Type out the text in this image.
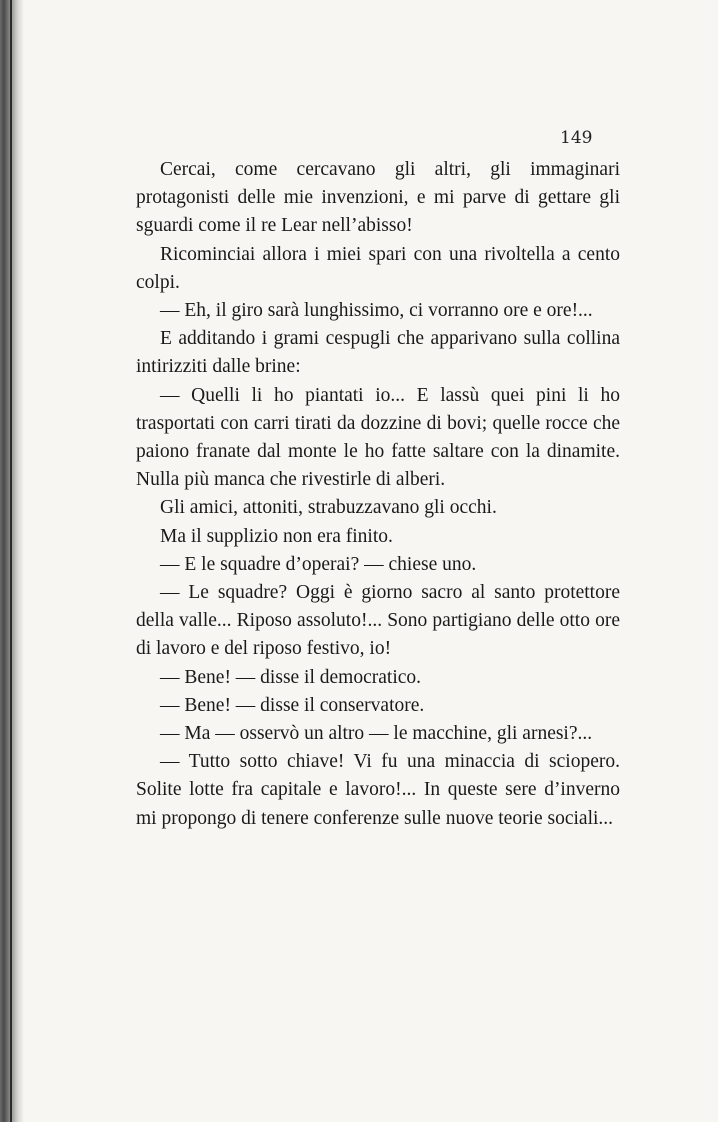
149

Cercai, come cercavano gli altri, gli immaginari protagonisti delle mie invenzioni, e mi parve di gettare gli sguardi come il re Lear nell’abisso!

Ricominciai allora i miei spari con una rivoltella a cento colpi.

— Eh, il giro sarà lunghissimo, ci vorranno ore e ore!...

E additando i grami cespugli che apparivano sulla collina intirizziti dalle brine:

— Quelli li ho piantati io... E lassù quei pini li ho trasportati con carri tirati da dozzine di bovi; quelle rocce che paiono franate dal monte le ho fatte saltare con la dinamite. Nulla più manca che rivestirle di alberi.

Gli amici, attoniti, strabuzzavano gli occhi.

Ma il supplizio non era finito.

— E le squadre d’operai? — chiese uno.

— Le squadre? Oggi è giorno sacro al santo protettore della valle... Riposo assoluto!... Sono partigiano delle otto ore di lavoro e del riposo festivo, io!

— Bene! — disse il democratico.

— Bene! — disse il conservatore.

— Ma — osservò un altro — le macchine, gli arnesi?...

— Tutto sotto chiave! Vi fu una minaccia di sciopero. Solite lotte fra capitale e lavoro!... In queste sere d’inverno mi propongo di tenere conferenze sulle nuove teorie sociali...
